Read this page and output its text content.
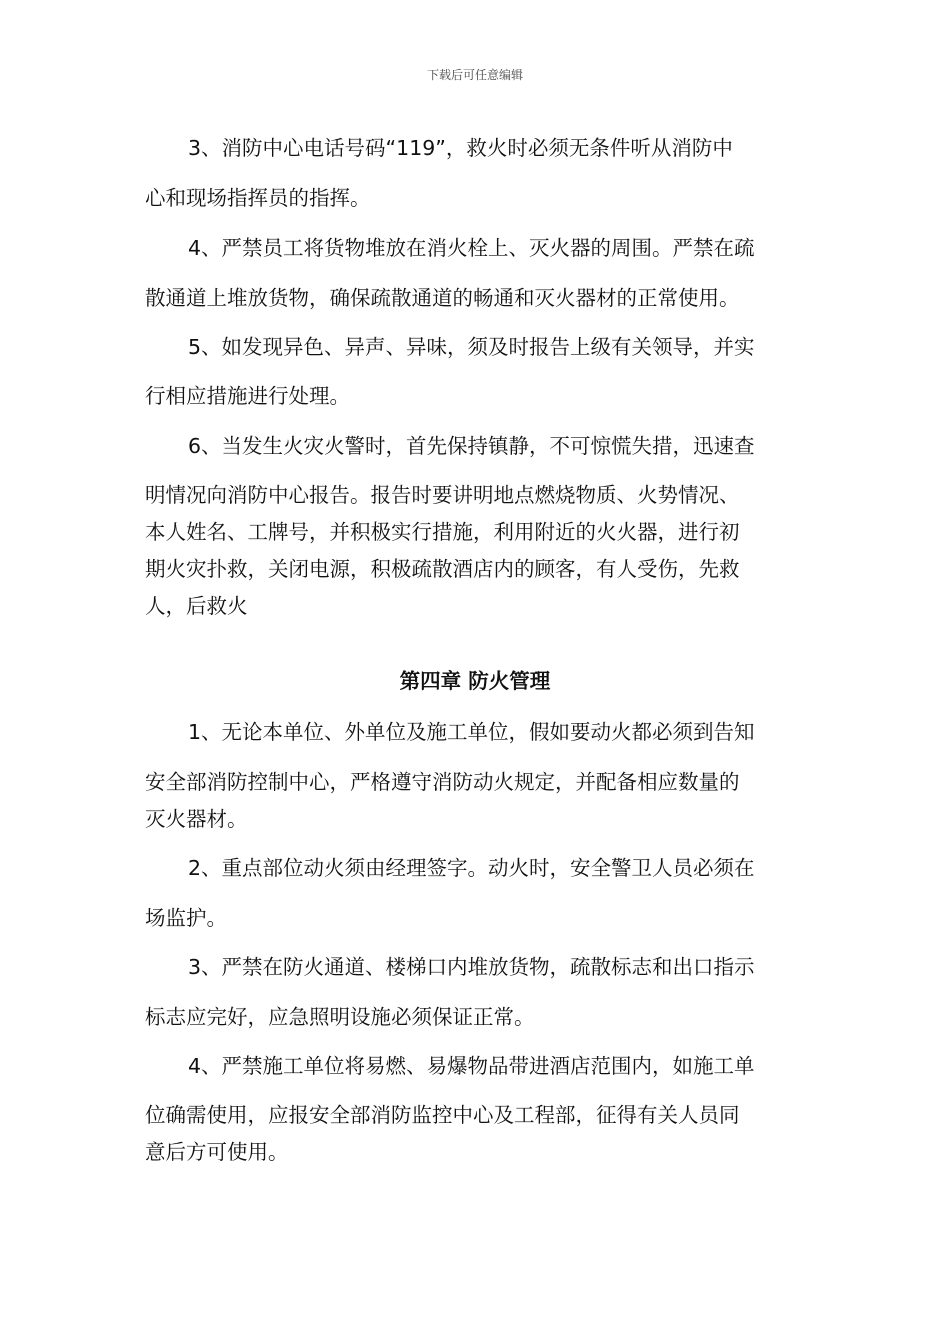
下载后可任意编辑
3、消防中心电话号码“119”，救火时必须无条件听从消防中
心和现场指挥员的指挥。
4、严禁员工将货物堆放在消火栓上、灭火器的周围。严禁在疏
散通道上堆放货物，确保疏散通道的畅通和灭火器材的正常使用。
5、如发现异色、异声、异味，须及时报告上级有关领导，并实
行相应措施进行处理。
6、当发生火灾火警时，首先保持镇静，不可惊慌失措，迅速查
明情况向消防中心报告。报告时要讲明地点燃烧物质、火势情况、
本人姓名、工牌号，并积极实行措施，利用附近的火火器，进行初
期火灾扑救，关闭电源，积极疏散酒店内的顾客，有人受伤，先救
人，后救火
第四章 防火管理
1、无论本单位、外单位及施工单位，假如要动火都必须到告知
安全部消防控制中心，严格遵守消防动火规定，并配备相应数量的
灭火器材。
2、重点部位动火须由经理签字。动火时，安全警卫人员必须在
场监护。
3、严禁在防火通道、楼梯口内堆放货物，疏散标志和出口指示
标志应完好，应急照明设施必须保证正常。
4、严禁施工单位将易燃、易爆物品带进酒店范围内，如施工单
位确需使用，应报安全部消防监控中心及工程部，征得有关人员同
意后方可使用。
